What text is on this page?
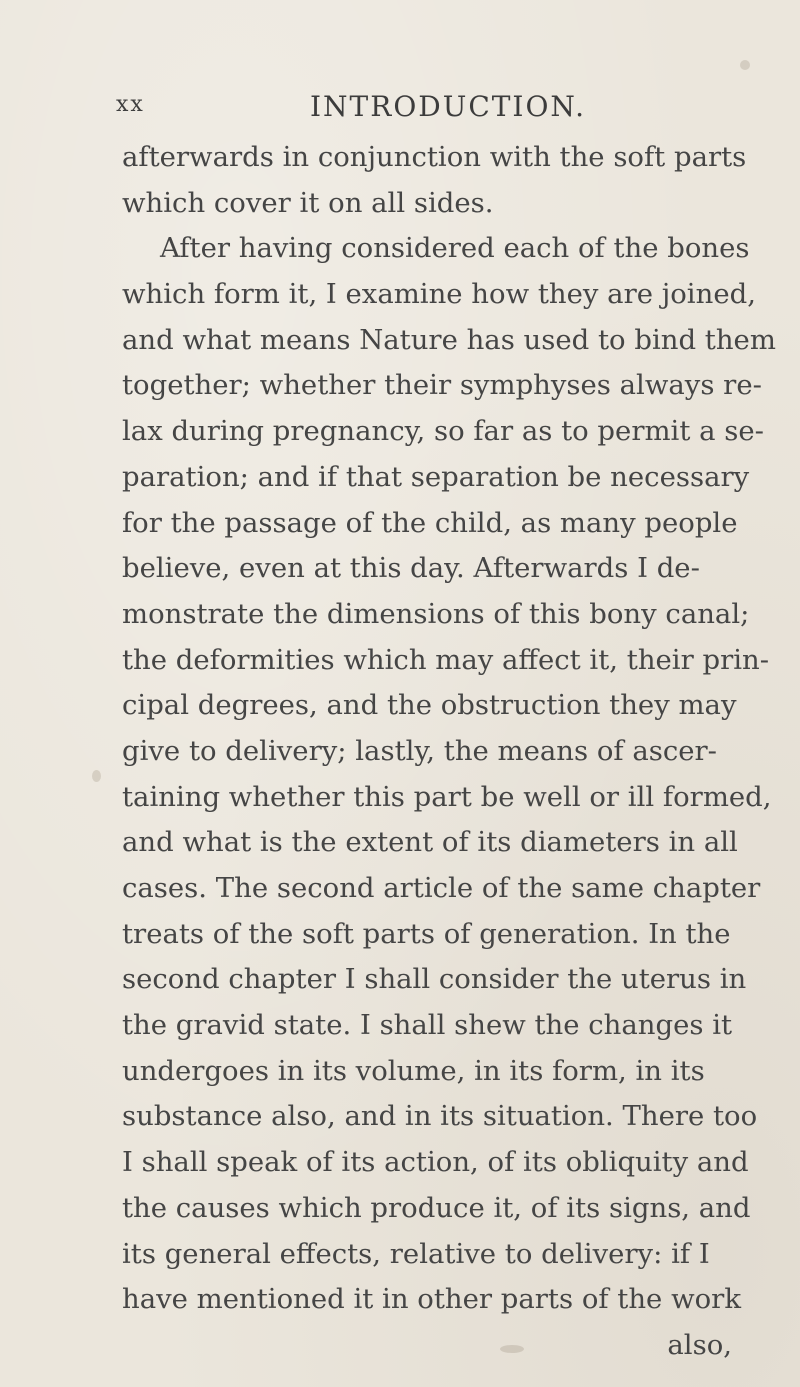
xx	INTRODUCTION.
afterwards in conjunction with the soft parts
which cover it on all sides.
After having considered each of the bones
which form it, I examine how they are joined,
and what means Nature has used to bind them
together; whether their symphyses always re-
lax during pregnancy, so far as to permit a se-
paration; and if that separation be necessary
for the passage of the child, as many people
believe, even at this day. Afterwards I de-
monstrate the dimensions of this bony canal;
the deformities which may affect it, their prin-
cipal degrees, and the obstruction they may
give to delivery; lastly, the means of ascer-
taining whether this part be well or ill formed,
and what is the extent of its diameters in all
cases. The second article of the same chapter
treats of the soft parts of generation. In the
second chapter I shall consider the uterus in
the gravid state. I shall shew the changes it
undergoes in its volume, in its form, in its
substance also, and in its situation. There too
I shall speak of its action, of its obliquity and
the causes which produce it, of its signs, and
its general effects, relative to delivery: if I
have mentioned it in other parts of the work
also,
